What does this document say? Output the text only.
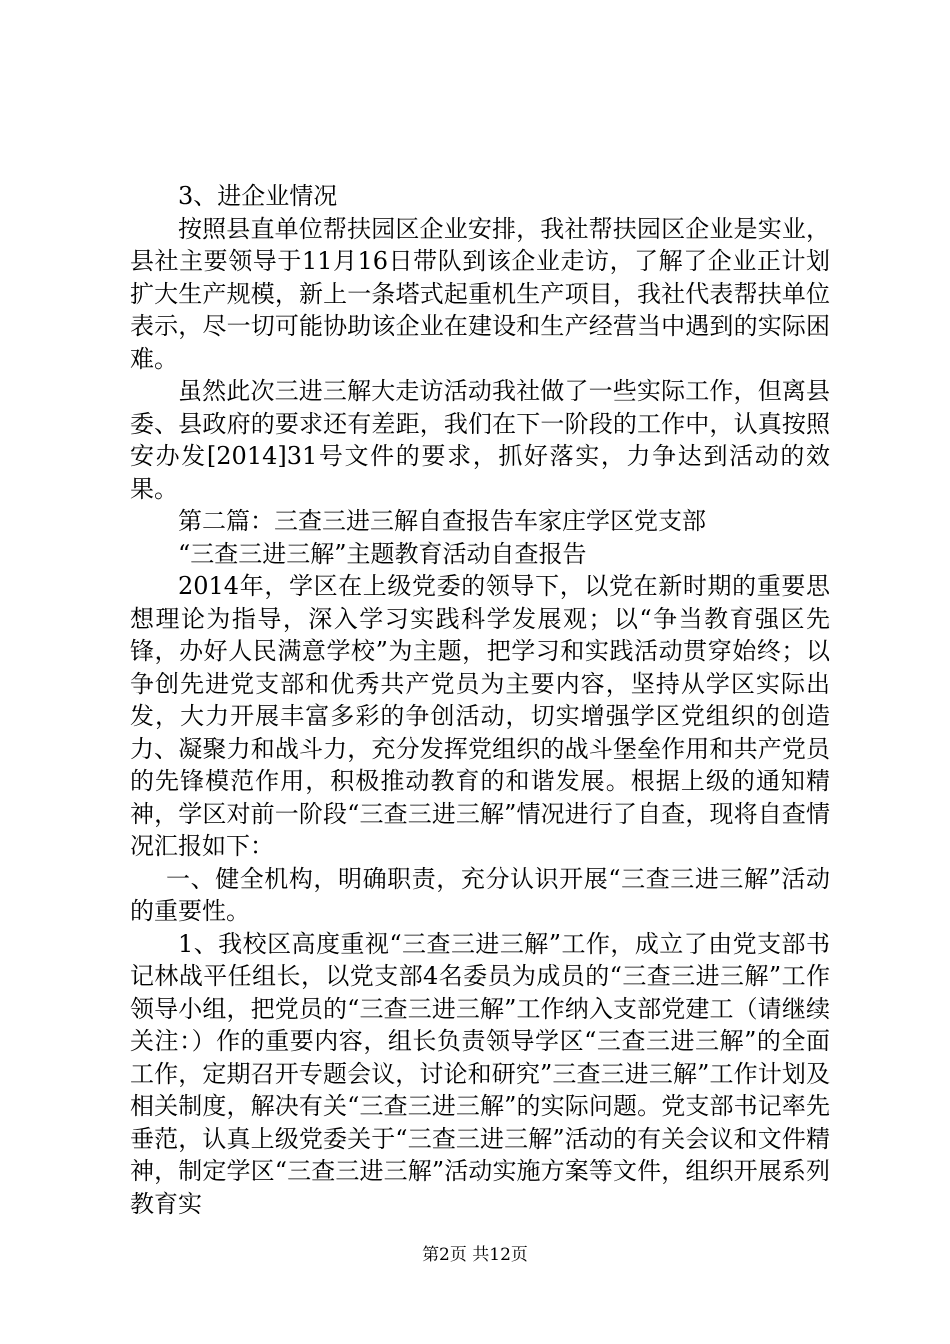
3、进企业情况

按照县直单位帮扶园区企业安排，我社帮扶园区企业是实业，县社主要领导于11月16日带队到该企业走访，了解了企业正计划扩大生产规模，新上一条塔式起重机生产项目，我社代表帮扶单位表示，尽一切可能协助该企业在建设和生产经营当中遇到的实际困难。

虽然此次三进三解大走访活动我社做了一些实际工作，但离县委、县政府的要求还有差距，我们在下一阶段的工作中，认真按照安办发[2014]31号文件的要求，抓好落实，力争达到活动的效果。

第二篇：三查三进三解自查报告车家庄学区党支部

“三查三进三解”主题教育活动自查报告

2014年，学区在上级党委的领导下，以党在新时期的重要思想理论为指导，深入学习实践科学发展观；以“争当教育强区先锋，办好人民满意学校”为主题，把学习和实践活动贯穿始终；以争创先进党支部和优秀共产党员为主要内容，坚持从学区实际出发，大力开展丰富多彩的争创活动，切实增强学区党组织的创造力、凝聚力和战斗力，充分发挥党组织的战斗堡垒作用和共产党员的先锋模范作用，积极推动教育的和谐发展。根据上级的通知精神，学区对前一阶段“三查三进三解”情况进行了自查，现将自查情况汇报如下：

一、健全机构，明确职责，充分认识开展“三查三进三解”活动的重要性。

1、我校区高度重视“三查三进三解”工作，成立了由党支部书记林战平任组长，以党支部4名委员为成员的“三查三进三解”工作领导小组，把党员的“三查三进三解”工作纳入支部党建工（请继续关注：）作的重要内容，组长负责领导学区“三查三进三解”的全面工作，定期召开专题会议，讨论和研究”三查三进三解”工作计划及相关制度，解决有关“三查三进三解”的实际问题。党支部书记率先垂范，认真上级党委关于“三查三进三解”活动的有关会议和文件精神，制定学区“三查三进三解”活动实施方案等文件，组织开展系列教育实

第2页 共12页
